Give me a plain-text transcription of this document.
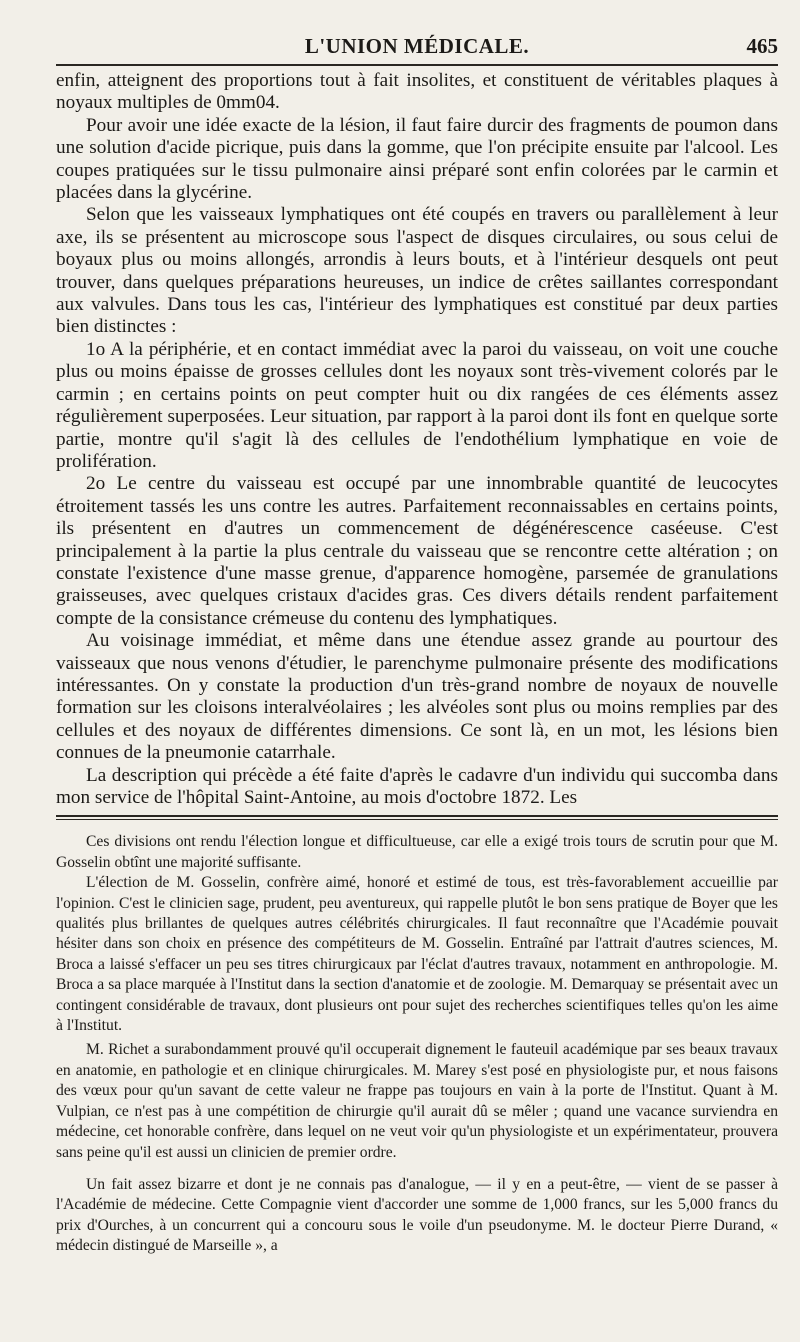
L'UNION MÉDICALE.	465

enfin, atteignent des proportions tout à fait insolites, et constituent de véritables plaques à noyaux multiples de 0mm04.

Pour avoir une idée exacte de la lésion, il faut faire durcir des fragments de poumon dans une solution d'acide picrique, puis dans la gomme, que l'on précipite ensuite par l'alcool. Les coupes pratiquées sur le tissu pulmonaire ainsi préparé sont enfin colorées par le carmin et placées dans la glycérine.

Selon que les vaisseaux lymphatiques ont été coupés en travers ou parallèlement à leur axe, ils se présentent au microscope sous l'aspect de disques circulaires, ou sous celui de boyaux plus ou moins allongés, arrondis à leurs bouts, et à l'intérieur desquels ont peut trouver, dans quelques préparations heureuses, un indice de crêtes saillantes correspondant aux valvules. Dans tous les cas, l'intérieur des lymphatiques est constitué par deux parties bien distinctes :

1o A la périphérie, et en contact immédiat avec la paroi du vaisseau, on voit une couche plus ou moins épaisse de grosses cellules dont les noyaux sont très-vivement colorés par le carmin ; en certains points on peut compter huit ou dix rangées de ces éléments assez régulièrement superposées. Leur situation, par rapport à la paroi dont ils font en quelque sorte partie, montre qu'il s'agit là des cellules de l'endothélium lymphatique en voie de prolifération.

2o Le centre du vaisseau est occupé par une innombrable quantité de leucocytes étroitement tassés les uns contre les autres. Parfaitement reconnaissables en certains points, ils présentent en d'autres un commencement de dégénérescence caséeuse. C'est principalement à la partie la plus centrale du vaisseau que se rencontre cette altération ; on constate l'existence d'une masse grenue, d'apparence homogène, parsemée de granulations graisseuses, avec quelques cristaux d'acides gras. Ces divers détails rendent parfaitement compte de la consistance crémeuse du contenu des lymphatiques.

Au voisinage immédiat, et même dans une étendue assez grande au pourtour des vaisseaux que nous venons d'étudier, le parenchyme pulmonaire présente des modifications intéressantes. On y constate la production d'un très-grand nombre de noyaux de nouvelle formation sur les cloisons interalvéolaires ; les alvéoles sont plus ou moins remplies par des cellules et des noyaux de différentes dimensions. Ce sont là, en un mot, les lésions bien connues de la pneumonie catarrhale.

La description qui précède a été faite d'après le cadavre d'un individu qui succomba dans mon service de l'hôpital Saint-Antoine, au mois d'octobre 1872. Les

Ces divisions ont rendu l'élection longue et difficultueuse, car elle a exigé trois tours de scrutin pour que M. Gosselin obtînt une majorité suffisante.

L'élection de M. Gosselin, confrère aimé, honoré et estimé de tous, est très-favorablement accueillie par l'opinion. C'est le clinicien sage, prudent, peu aventureux, qui rappelle plutôt le bon sens pratique de Boyer que les qualités plus brillantes de quelques autres célébrités chirurgicales. Il faut reconnaître que l'Académie pouvait hésiter dans son choix en présence des compétiteurs de M. Gosselin. Entraîné par l'attrait d'autres sciences, M. Broca a laissé s'effacer un peu ses titres chirurgicaux par l'éclat d'autres travaux, notamment en anthropologie. M. Broca a sa place marquée à l'Institut dans la section d'anatomie et de zoologie. M. Demarquay se présentait avec un contingent considérable de travaux, dont plusieurs ont pour sujet des recherches scientifiques telles qu'on les aime à l'Institut.

M. Richet a surabondamment prouvé qu'il occuperait dignement le fauteuil académique par ses beaux travaux en anatomie, en pathologie et en clinique chirurgicales. M. Marey s'est posé en physiologiste pur, et nous faisons des vœux pour qu'un savant de cette valeur ne frappe pas toujours en vain à la porte de l'Institut. Quant à M. Vulpian, ce n'est pas à une compétition de chirurgie qu'il aurait dû se mêler ; quand une vacance surviendra en médecine, cet honorable confrère, dans lequel on ne veut voir qu'un physiologiste et un expérimentateur, prouvera sans peine qu'il est aussi un clinicien de premier ordre.

Un fait assez bizarre et dont je ne connais pas d'analogue, — il y en a peut-être, — vient de se passer à l'Académie de médecine. Cette Compagnie vient d'accorder une somme de 1,000 francs, sur les 5,000 francs du prix d'Ourches, à un concurrent qui a concouru sous le voile d'un pseudonyme. M. le docteur Pierre Durand, « médecin distingué de Marseille », a
